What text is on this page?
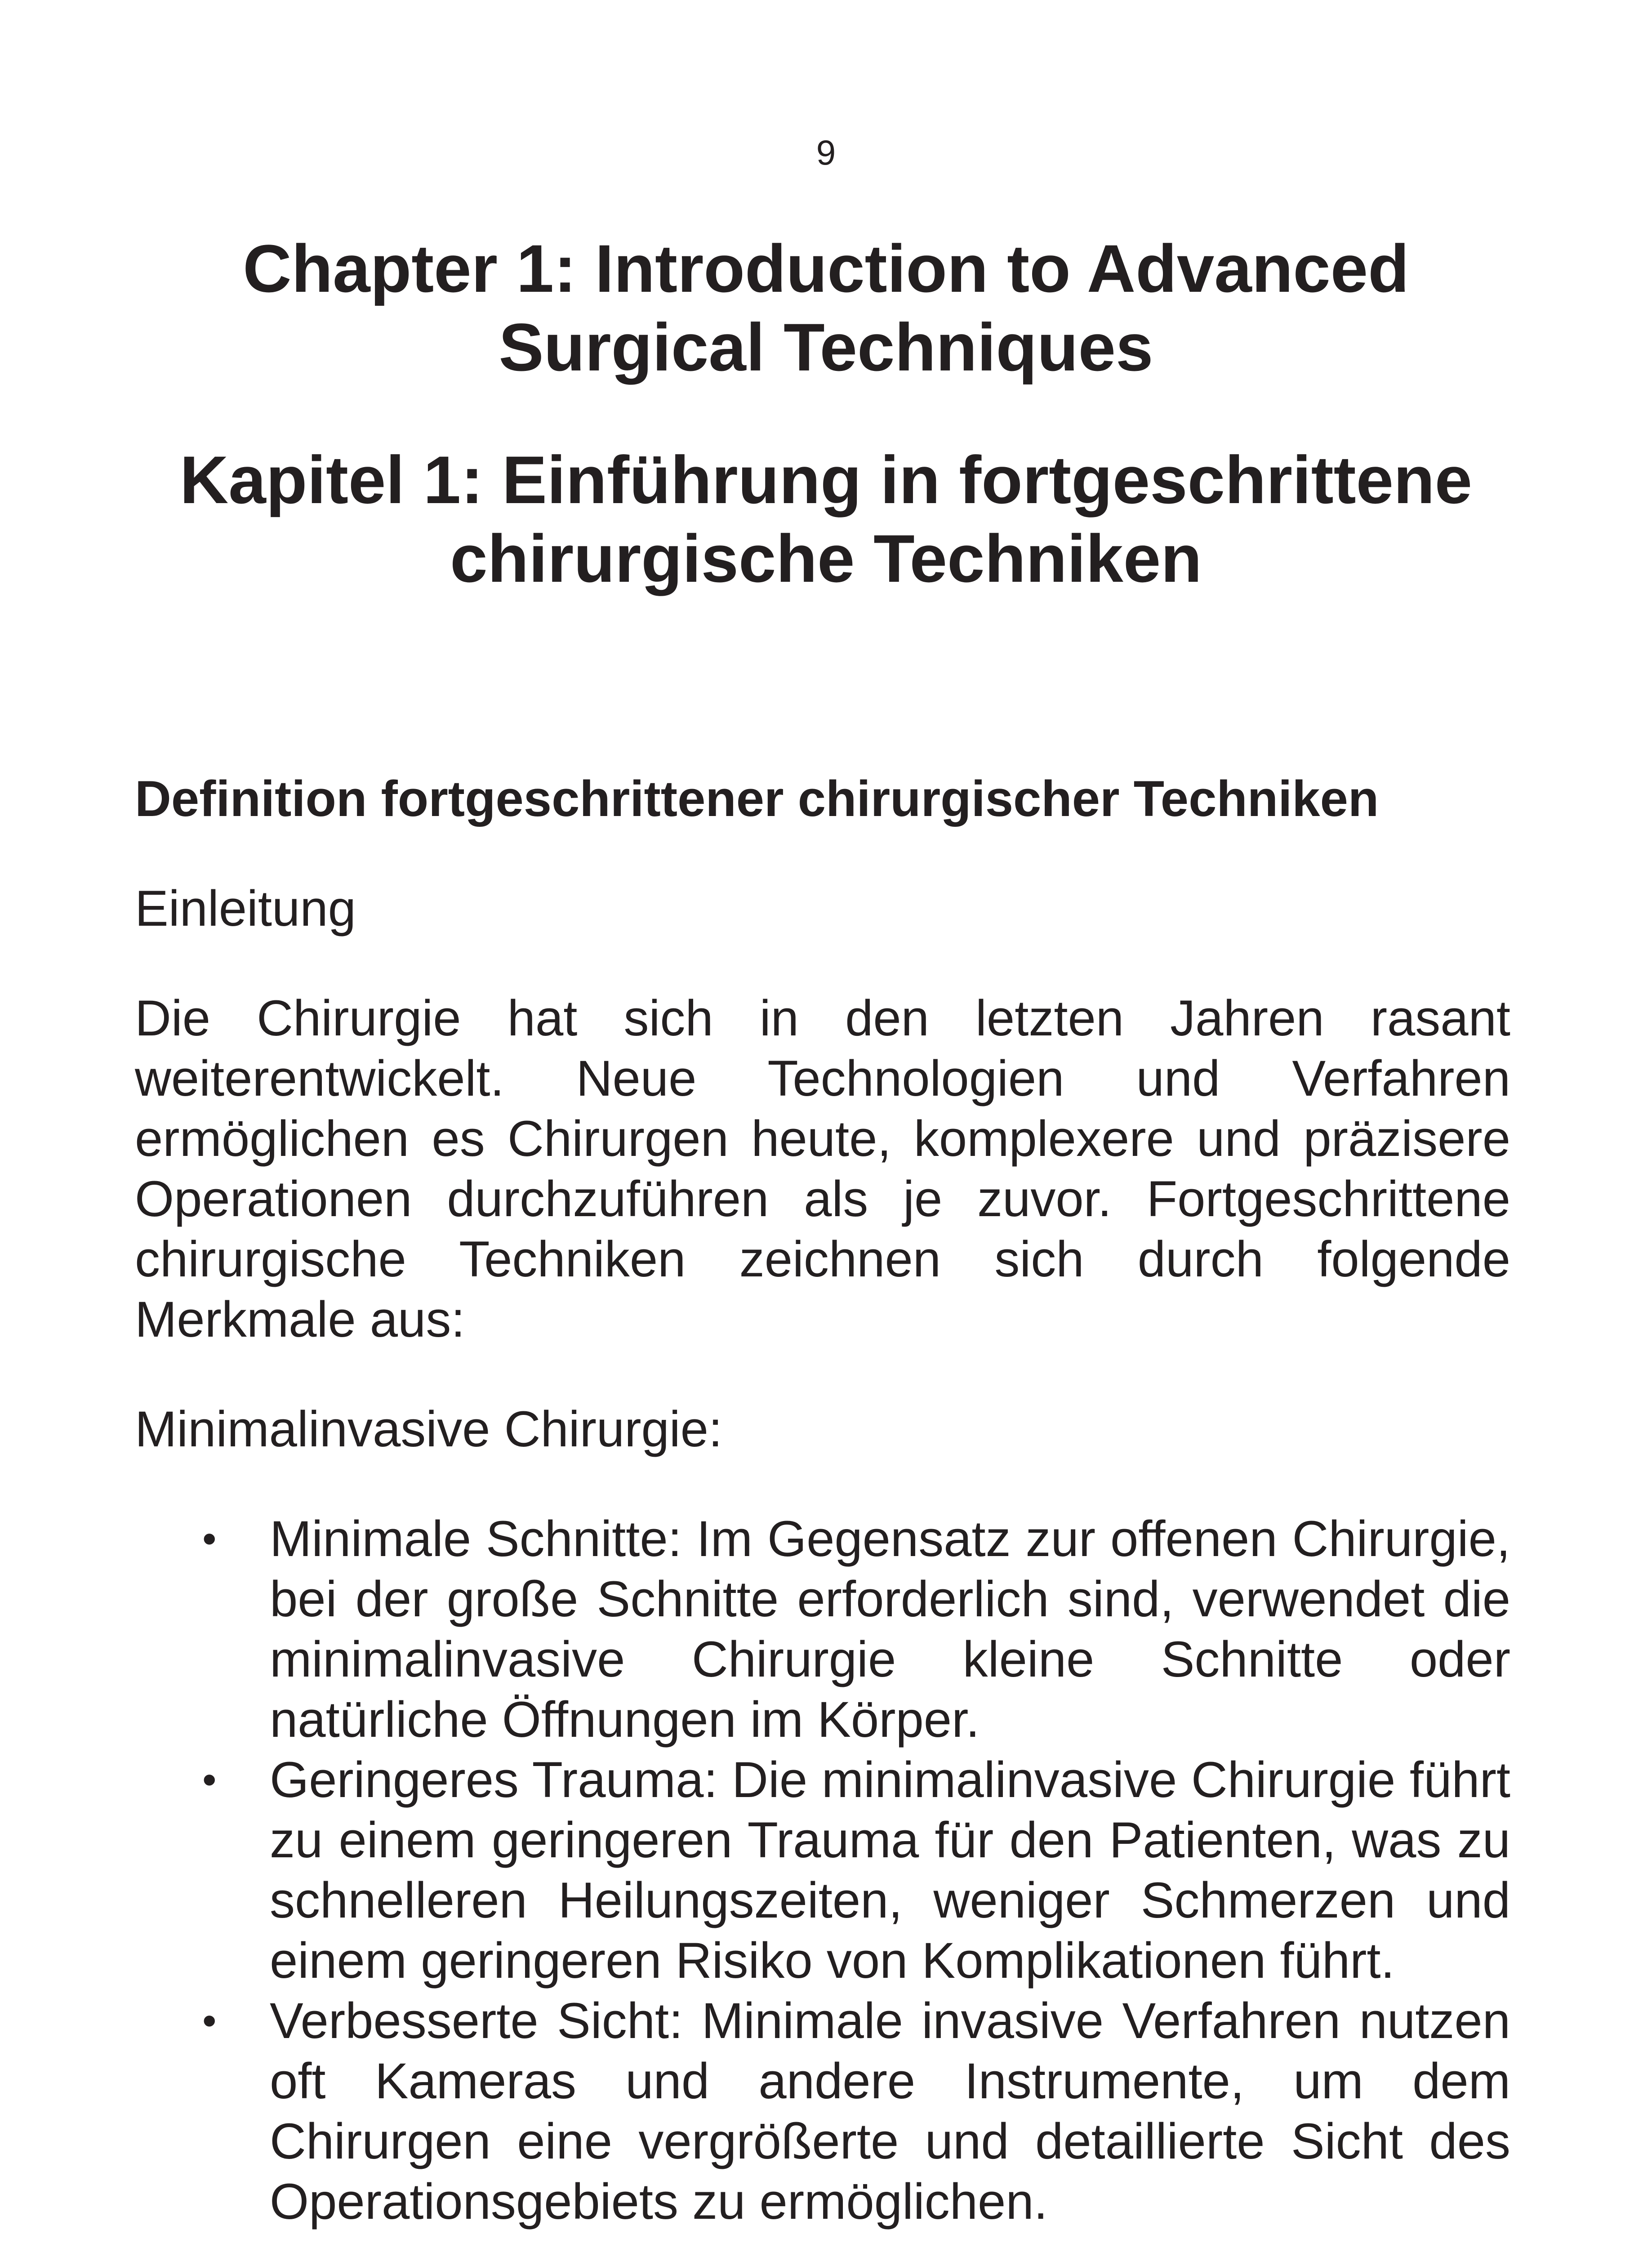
9
Chapter 1: Introduction to Advanced Surgical Techniques
Kapitel 1: Einführung in fortgeschrittene chirurgische Techniken
Definition fortgeschrittener chirurgischer Techniken

Einleitung

Die Chirurgie hat sich in den letzten Jahren rasant weiterentwickelt. Neue Technologien und Verfahren ermöglichen es Chirurgen heute, komplexere und präzisere Operationen durchzuführen als je zuvor. Fortgeschrittene chirurgische Techniken zeichnen sich durch folgende Merkmale aus:

Minimalinvasive Chirurgie:

• Minimale Schnitte: Im Gegensatz zur offenen Chirurgie, bei der große Schnitte erforderlich sind, verwendet die minimalinvasive Chirurgie kleine Schnitte oder natürliche Öffnungen im Körper.
• Geringeres Trauma: Die minimalinvasive Chirurgie führt zu einem geringeren Trauma für den Patienten, was zu schnelleren Heilungszeiten, weniger Schmerzen und einem geringeren Risiko von Komplikationen führt.
• Verbesserte Sicht: Minimale invasive Verfahren nutzen oft Kameras und andere Instrumente, um dem Chirurgen eine vergrößerte und detaillierte Sicht des Operationsgebiets zu ermöglichen.
